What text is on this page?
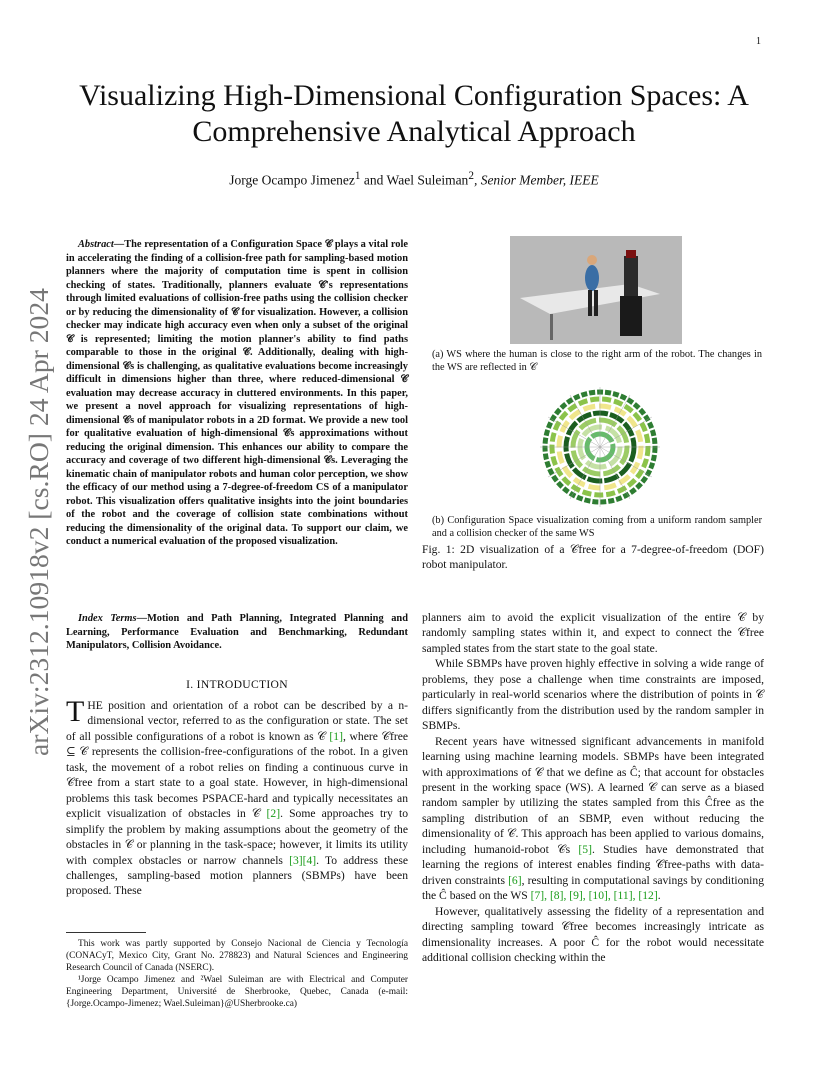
1
arXiv:2312.10918v2 [cs.RO] 24 Apr 2024
Visualizing High-Dimensional Configuration Spaces: A Comprehensive Analytical Approach
Jorge Ocampo Jimenez$^1$ and Wael Suleiman$^2$, Senior Member, IEEE
Abstract—The representation of a Configuration Space 𝒞 plays a vital role in accelerating the finding of a collision-free path for sampling-based motion planners where the majority of computation time is spent in collision checking of states. Traditionally, planners evaluate 𝒞's representations through limited evaluations of collision-free paths using the collision checker or by reducing the dimensionality of 𝒞 for visualization. However, a collision checker may indicate high accuracy even when only a subset of the original 𝒞 is represented; limiting the motion planner's ability to find paths comparable to those in the original 𝒞. Additionally, dealing with high-dimensional 𝒞s is challenging, as qualitative evaluations become increasingly difficult in dimensions higher than three, where reduced-dimensional 𝒞 evaluation may decrease accuracy in cluttered environments. In this paper, we present a novel approach for visualizing representations of high-dimensional 𝒞s of manipulator robots in a 2D format. We provide a new tool for qualitative evaluation of high-dimensional 𝒞s approximations without reducing the original dimension. This enhances our ability to compare the accuracy and coverage of two different high-dimensional 𝒞s. Leveraging the kinematic chain of manipulator robots and human color perception, we show the efficacy of our method using a 7-degree-of-freedom CS of a manipulator robot. This visualization offers qualitative insights into the joint boundaries of the robot and the coverage of collision state combinations without reducing the dimensionality of the original data. To support our claim, we conduct a numerical evaluation of the proposed visualization.
Index Terms—Motion and Path Planning, Integrated Planning and Learning, Performance Evaluation and Benchmarking, Redundant Manipulators, Collision Avoidance.
I. INTRODUCTION

THE position and orientation of a robot can be described by a n-dimensional vector, referred to as the configuration or state. The set of all possible configurations of a robot is known as 𝒞 [1], where 𝒞free ⊆ 𝒞 represents the collision-free-configurations of the robot. In a given task, the movement of a robot relies on finding a continuous curve in 𝒞free from a start state to a goal state. However, in high-dimensional problems this task becomes PSPACE-hard and typically necessitates an explicit visualization of obstacles in 𝒞 [2]. Some approaches try to simplify the problem by making assumptions about the geometry of the obstacles in 𝒞 or planning in the task-space; however, it limits its utility with complex obstacles or narrow channels [3][4]. To address these challenges, sampling-based motion planners (SBMPs) have been proposed. These

This work was partly supported by Consejo Nacional de Ciencia y Tecnología (CONACyT, Mexico City, Grant No. 278823) and Natural Sciences and Engineering Research Council of Canada (NSERC).
¹Jorge Ocampo Jimenez and ²Wael Suleiman are with Electrical and Computer Engineering Department, Université de Sherbrooke, Quebec, Canada (e-mail: {Jorge.Ocampo-Jimenez; Wael.Suleiman}@USherbrooke.ca)
(a) WS where the human is close to the right arm of the robot. The changes in the WS are reflected in 𝒞
(b) Configuration Space visualization coming from a uniform random sampler and a collision checker of the same WS
Fig. 1: 2D visualization of a 𝒞free for a 7-degree-of-freedom (DOF) robot manipulator.

planners aim to avoid the explicit visualization of the entire 𝒞 by randomly sampling states within it, and expect to connect the 𝒞free sampled states from the start state to the goal state.

While SBMPs have proven highly effective in solving a wide range of problems, they pose a challenge when time constraints are imposed, particularly in real-world scenarios where the distribution of points in 𝒞 differs significantly from the distribution used by the random sampler in SBMPs.

Recent years have witnessed significant advancements in manifold learning using machine learning models. SBMPs have been integrated with approximations of 𝒞 that we define as Ĉ; that account for obstacles present in the working space (WS). A learned 𝒞 can serve as a biased random sampler by utilizing the states sampled from this Ĉfree as the sampling distribution of an SBMP, even without reducing the dimensionality of 𝒞. This approach has been applied to various domains, including humanoid-robot 𝒞s [5]. Studies have demonstrated that learning the regions of interest enables finding 𝒞free-paths with data-driven constraints [6], resulting in computational savings by conditioning the Ĉ based on the WS [7], [8], [9], [10], [11], [12].

However, qualitatively assessing the fidelity of a representation and directing sampling toward 𝒞free becomes increasingly intricate as dimensionality increases. A poor Ĉ for the robot would necessitate additional collision checking within the
